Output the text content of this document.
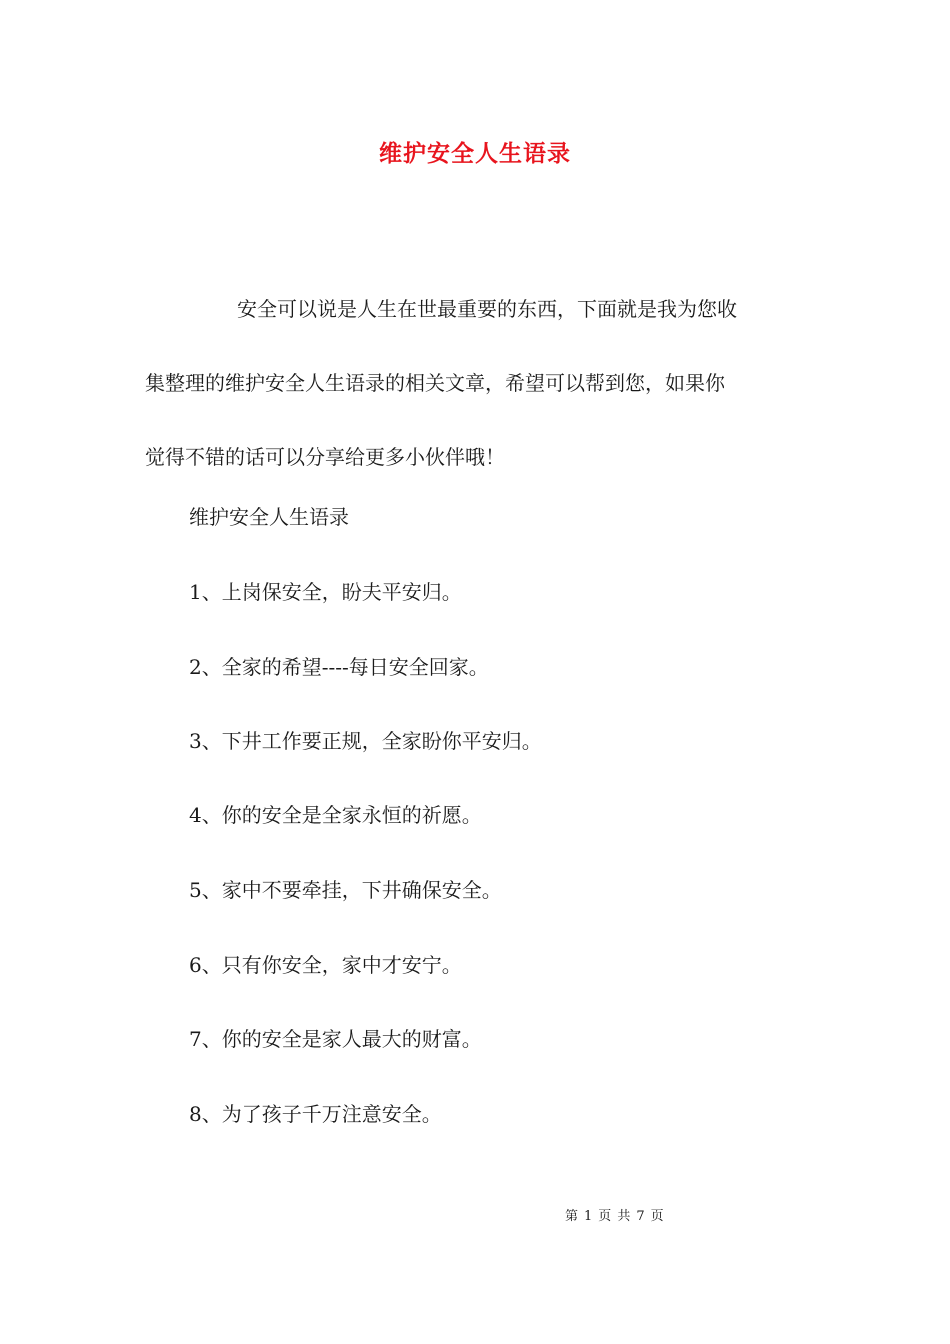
维护安全人生语录
安全可以说是人生在世最重要的东西，下面就是我为您收
集整理的维护安全人生语录的相关文章，希望可以帮到您，如果你
觉得不错的话可以分享给更多小伙伴哦！
维护安全人生语录
1、上岗保安全，盼夫平安归。
2、全家的希望----每日安全回家。
3、下井工作要正规，全家盼你平安归。
4、你的安全是全家永恒的祈愿。
5、家中不要牵挂，下井确保安全。
6、只有你安全，家中才安宁。
7、你的安全是家人最大的财富。
8、为了孩子千万注意安全。
第 1 页 共 7 页
